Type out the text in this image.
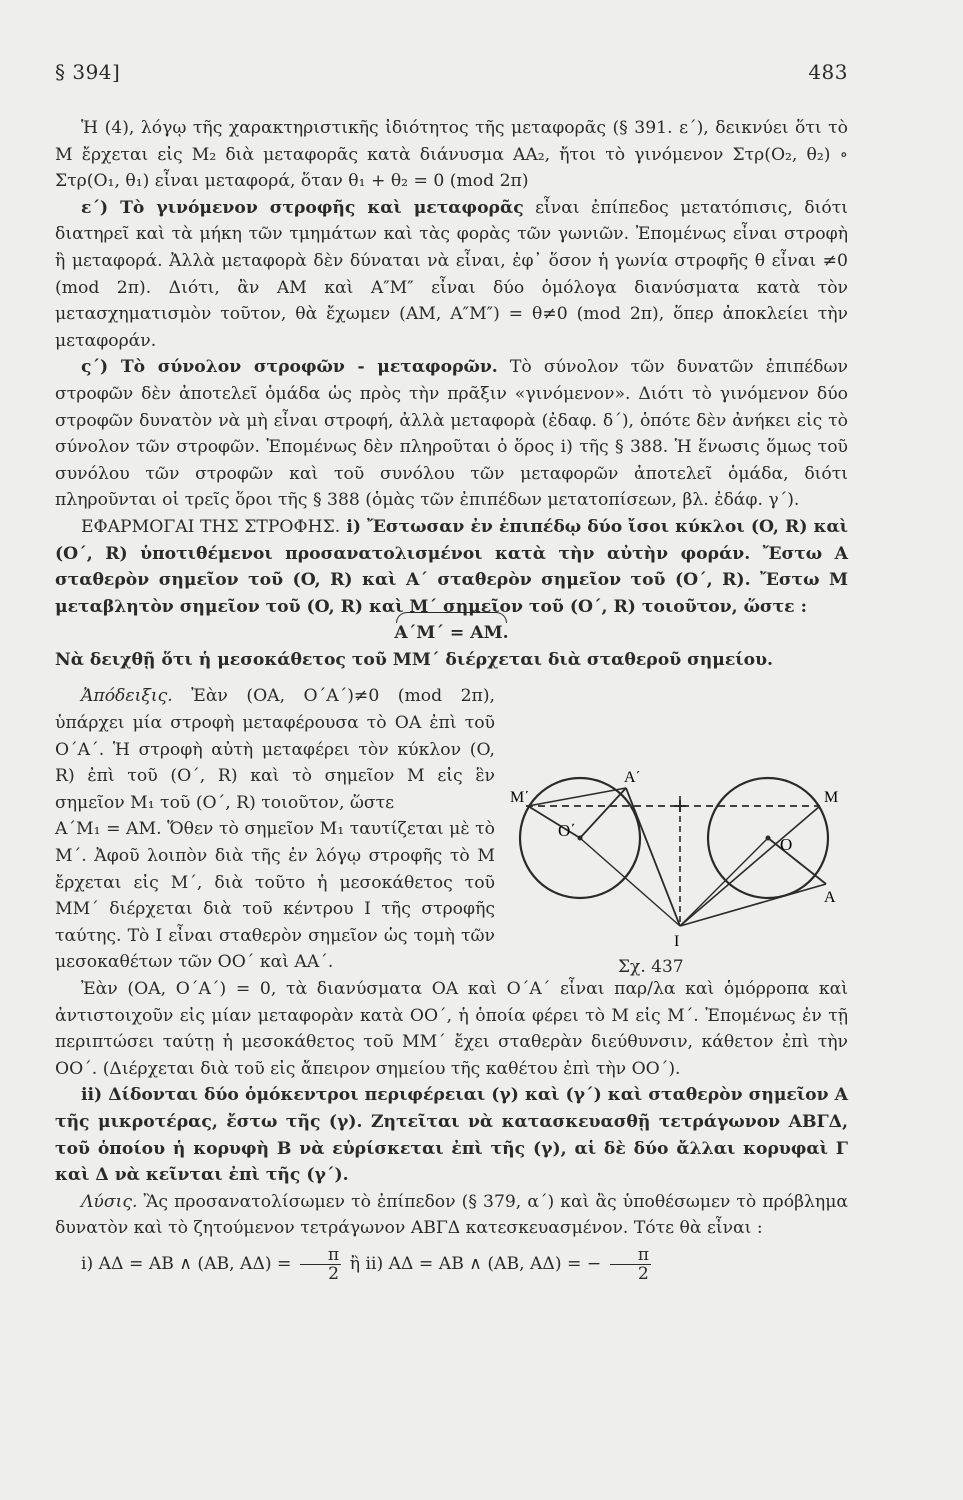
§ 394]	483

Ἡ (4), λόγῳ τῆς χαρακτηριστικῆς ἰδιότητος τῆς μεταφορᾶς (§ 391. ε΄), δεικνύει ὅτι τὸ M ἔρχεται εἰς M₂ διὰ μεταφορᾶς κατὰ διάνυσμα AA₂, ἤτοι τὸ γινόμενον Στρ(O₂, θ₂) ∘ Στρ(O₁, θ₁) εἶναι μεταφορά, ὅταν θ₁ + θ₂ = 0 (mod 2π)

ε΄) Τὸ γινόμενον στροφῆς καὶ μεταφορᾶς εἶναι ἐπίπεδος μετατόπισις, διότι διατηρεῖ καὶ τὰ μήκη τῶν τμημάτων καὶ τὰς φορὰς τῶν γωνιῶν. Ἐπομένως εἶναι στροφὴ ἢ μεταφορά. Ἀλλὰ μεταφορὰ δὲν δύναται νὰ εἶναι, ἐφ᾽ ὅσον ἡ γωνία στροφῆς θ εἶναι ≠0 (mod 2π). Διότι, ἂν AM καὶ A″M″ εἶναι δύο ὁμόλογα διανύσματα κατὰ τὸν μετασχηματισμὸν τοῦτον, θὰ ἔχωμεν (AM, A″M″) = θ≠0 (mod 2π), ὅπερ ἀποκλείει τὴν μεταφοράν.

ς΄) Τὸ σύνολον στροφῶν - μεταφορῶν. Τὸ σύνολον τῶν δυνατῶν ἐπιπέδων στροφῶν δὲν ἀποτελεῖ ὁμάδα ὡς πρὸς τὴν πρᾶξιν «γινόμενον». Διότι τὸ γινόμενον δύο στροφῶν δυνατὸν νὰ μὴ εἶναι στροφή, ἀλλὰ μεταφορὰ (ἐδαφ. δ΄), ὁπότε δὲν ἀνήκει εἰς τὸ σύνολον τῶν στροφῶν. Ἐπομένως δὲν πληροῦται ὁ ὅρος i) τῆς § 388. Ἡ ἕνωσις ὅμως τοῦ συνόλου τῶν στροφῶν καὶ τοῦ συνόλου τῶν μεταφορῶν ἀποτελεῖ ὁμάδα, διότι πληροῦνται οἱ τρεῖς ὅροι τῆς § 388 (ὁμὰς τῶν ἐπιπέδων μετατοπίσεων, βλ. ἐδάφ. γ΄).

ΕΦΑΡΜΟΓΑΙ ΤΗΣ ΣΤΡΟΦΗΣ. i) Ἔστωσαν ἐν ἐπιπέδῳ δύο ἴσοι κύκλοι (O, R) καὶ (O΄, R) ὑποτιθέμενοι προσανατολισμένοι κατὰ τὴν αὐτὴν φοράν. Ἔστω A σταθερὸν σημεῖον τοῦ (O, R) καὶ A΄ σταθερὸν σημεῖον τοῦ (O΄, R). Ἔστω M μεταβλητὸν σημεῖον τοῦ (O, R) καὶ M΄ σημεῖον τοῦ (O΄, R) τοιοῦτον, ὥστε :

A΄M΄ = AM.

Νὰ δειχθῇ ὅτι ἡ μεσοκάθετος τοῦ MM΄ διέρχεται διὰ σταθεροῦ σημείου.

Ἀπόδειξις. Ἐὰν (OA, O΄A΄)≠0 (mod 2π), ὑπάρχει μία στροφὴ μεταφέρουσα τὸ OA ἐπὶ τοῦ O΄A΄. Ἡ στροφὴ αὐτὴ μεταφέρει τὸν κύκλον (O, R) ἐπὶ τοῦ (O΄, R) καὶ τὸ σημεῖον M εἰς ἓν σημεῖον M₁ τοῦ (O΄, R) τοιοῦτον, ὥστε

A΄M₁ = AM. Ὅθεν τὸ σημεῖον M₁ ταυτίζεται μὲ τὸ M΄. Ἀφοῦ λοιπὸν διὰ τῆς ἐν λόγῳ στροφῆς τὸ M ἔρχεται εἰς M΄, διὰ τοῦτο ἡ μεσοκάθετος τοῦ MM΄ διέρχεται διὰ τοῦ κέντρου I τῆς στροφῆς ταύτης. Τὸ I εἶναι σταθερὸν σημεῖον ὡς τομὴ τῶν μεσοκαθέτων τῶν OO΄ καὶ AA΄.

Ἐὰν (OA, O΄A΄) = 0, τὰ διανύσματα OA καὶ O΄A΄ εἶναι παρ/λα καὶ ὁμόρροπα καὶ ἀντιστοιχοῦν εἰς μίαν μεταφορὰν κατὰ OO΄, ἡ ὁποία φέρει τὸ M εἰς M΄. Ἐπομένως ἐν τῇ περιπτώσει ταύτῃ ἡ μεσοκάθετος τοῦ MM΄ ἔχει σταθερὰν διεύθυνσιν, κάθετον ἐπὶ τὴν OO΄. (Διέρχεται διὰ τοῦ εἰς ἄπειρον σημείου τῆς καθέτου ἐπὶ τὴν OO΄).

ii) Δίδονται δύο ὁμόκεντροι περιφέρειαι (γ) καὶ (γ΄) καὶ σταθερὸν σημεῖον A τῆς μικροτέρας, ἔστω τῆς (γ). Ζητεῖται νὰ κατασκευασθῇ τετράγωνον ΑΒΓΔ, τοῦ ὁποίου ἡ κορυφὴ B νὰ εὑρίσκεται ἐπὶ τῆς (γ), αἱ δὲ δύο ἄλλαι κορυφαὶ Γ καὶ Δ νὰ κεῖνται ἐπὶ τῆς (γ΄).

Λύσις. Ἂς προσανατολίσωμεν τὸ ἐπίπεδον (§ 379, α΄) καὶ ἂς ὑποθέσωμεν τὸ πρόβλημα δυνατὸν καὶ τὸ ζητούμενον τετράγωνον ΑΒΓΔ κατεσκευασμένον. Τότε θὰ εἶναι :

i) AΔ = AB ∧ (AB, $A\Delta) = \frac{\pi}{2}$ ἢ ii) AΔ = AB ∧ (AB, AΔ) = − $\frac{\pi}{2}$

M΄	M
O΄
O
A΄
A
I
Σχ. 437
